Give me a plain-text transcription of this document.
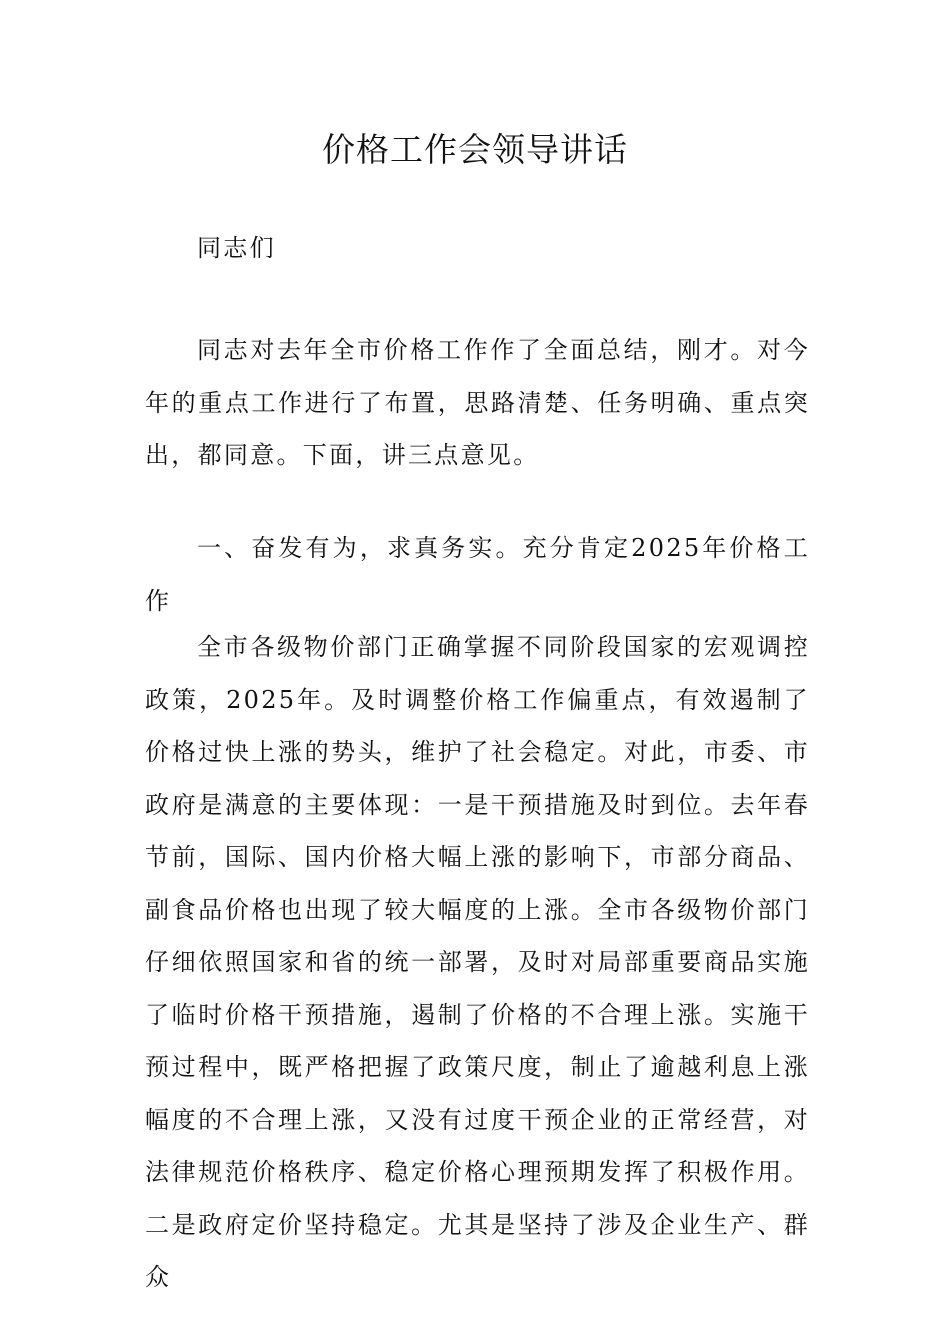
价格工作会领导讲话

同志们

同志对去年全市价格工作作了全面总结，刚才。对今年的重点工作进行了布置，思路清楚、任务明确、重点突出，都同意。下面，讲三点意见。

一、奋发有为，求真务实。充分肯定2025年价格工作

全市各级物价部门正确掌握不同阶段国家的宏观调控政策，2025年。及时调整价格工作偏重点，有效遏制了价格过快上涨的势头，维护了社会稳定。对此，市委、市政府是满意的主要体现：一是干预措施及时到位。去年春节前，国际、国内价格大幅上涨的影响下，市部分商品、副食品价格也出现了较大幅度的上涨。全市各级物价部门仔细依照国家和省的统一部署，及时对局部重要商品实施了临时价格干预措施，遏制了价格的不合理上涨。实施干预过程中，既严格把握了政策尺度，制止了逾越利息上涨幅度的不合理上涨，又没有过度干预企业的正常经营，对法律规范价格秩序、稳定价格心理预期发挥了积极作用。二是政府定价坚持稳定。尤其是坚持了涉及企业生产、群众
